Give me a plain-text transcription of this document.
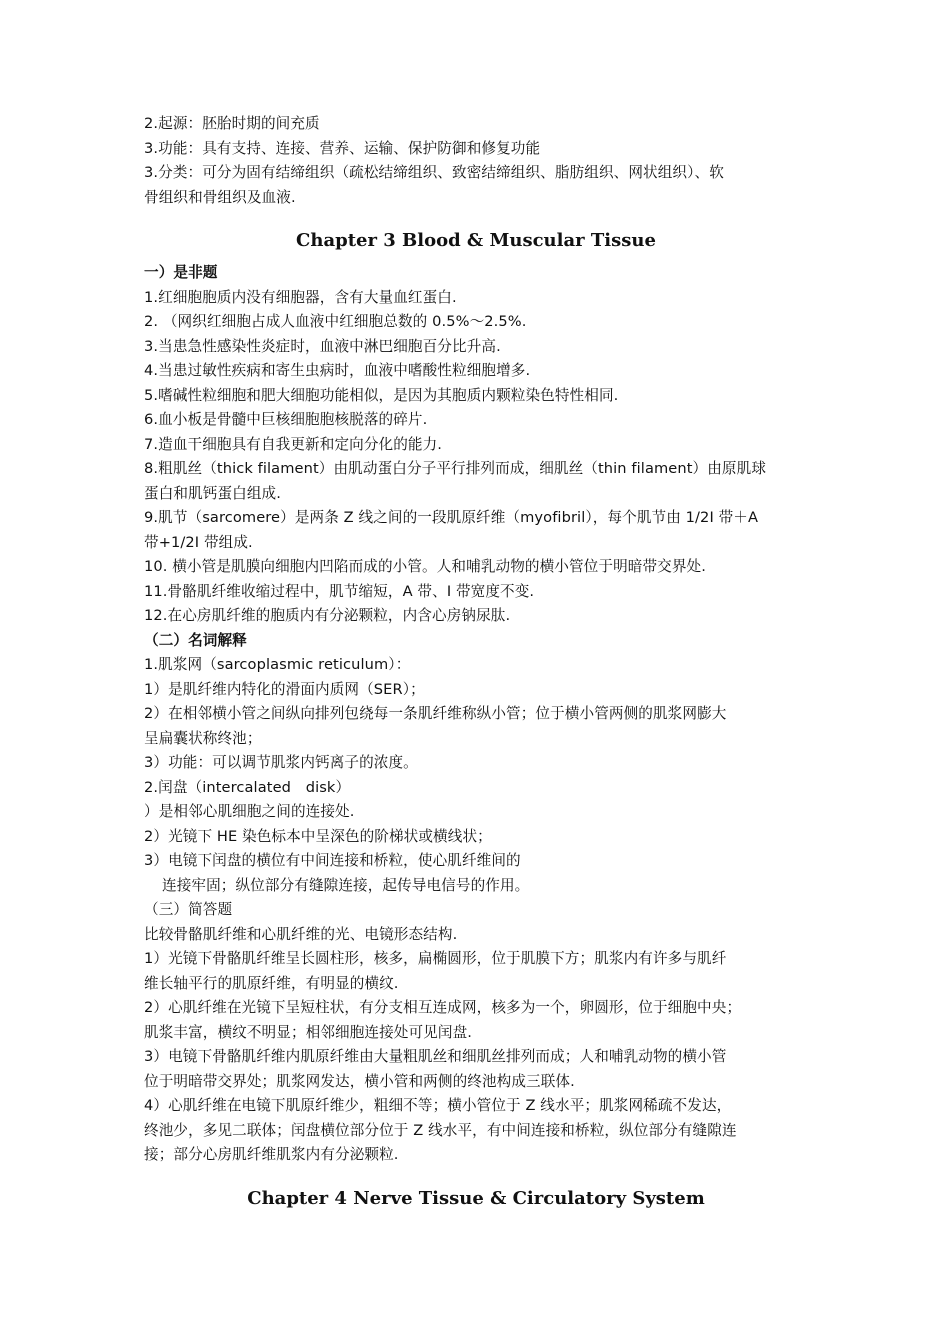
2.起源：胚胎时期的间充质
3.功能：具有支持、连接、营养、运输、保护防御和修复功能
3.分类：可分为固有结缔组织（疏松结缔组织、致密结缔组织、脂肪组织、网状组织）、软
骨组织和骨组织及血液.
Chapter 3 Blood & Muscular Tissue
一）是非题
1.红细胞胞质内没有细胞器，含有大量血红蛋白.
2. （网织红细胞占成人血液中红细胞总数的 0.5%～2.5%.
3.当患急性感染性炎症时，血液中淋巴细胞百分比升高.
4.当患过敏性疾病和寄生虫病时，血液中嗜酸性粒细胞增多.
5.嗜碱性粒细胞和肥大细胞功能相似，是因为其胞质内颗粒染色特性相同.
6.血小板是骨髓中巨核细胞胞核脱落的碎片.
7.造血干细胞具有自我更新和定向分化的能力.
8.粗肌丝（thick filament）由肌动蛋白分子平行排列而成，细肌丝（thin filament）由原肌球
蛋白和肌钙蛋白组成.
9.肌节（sarcomere）是两条 Z 线之间的一段肌原纤维（myofibril），每个肌节由 1/2I 带＋A
带+1/2I 带组成.
10. 横小管是肌膜向细胞内凹陷而成的小管。人和哺乳动物的横小管位于明暗带交界处.
11.骨骼肌纤维收缩过程中，肌节缩短，A 带、I 带宽度不变.
12.在心房肌纤维的胞质内有分泌颗粒，内含心房钠尿肽.
（二）名词解释
1.肌浆网（sarcoplasmic reticulum）：
1）是肌纤维内特化的滑面内质网（SER）；
2）在相邻横小管之间纵向排列包绕每一条肌纤维称纵小管；位于横小管两侧的肌浆网膨大
呈扁囊状称终池；
3）功能：可以调节肌浆内钙离子的浓度。
2.闰盘（intercalated　disk）
）是相邻心肌细胞之间的连接处.
2）光镜下 HE 染色标本中呈深色的阶梯状或横线状；
3）电镜下闰盘的横位有中间连接和桥粒，使心肌纤维间的
连接牢固；纵位部分有缝隙连接，起传导电信号的作用。
（三）简答题
比较骨骼肌纤维和心肌纤维的光、电镜形态结构.
1）光镜下骨骼肌纤维呈长圆柱形，核多，扁椭圆形，位于肌膜下方；肌浆内有许多与肌纤
维长轴平行的肌原纤维，有明显的横纹.
2）心肌纤维在光镜下呈短柱状，有分支相互连成网，核多为一个，卵圆形，位于细胞中央；
肌浆丰富，横纹不明显；相邻细胞连接处可见闰盘.
3）电镜下骨骼肌纤维内肌原纤维由大量粗肌丝和细肌丝排列而成；人和哺乳动物的横小管
位于明暗带交界处；肌浆网发达，横小管和两侧的终池构成三联体.
4）心肌纤维在电镜下肌原纤维少，粗细不等；横小管位于 Z 线水平；肌浆网稀疏不发达，
终池少，多见二联体；闰盘横位部分位于 Z 线水平，有中间连接和桥粒，纵位部分有缝隙连
接；部分心房肌纤维肌浆内有分泌颗粒.
Chapter 4 Nerve Tissue & Circulatory System
